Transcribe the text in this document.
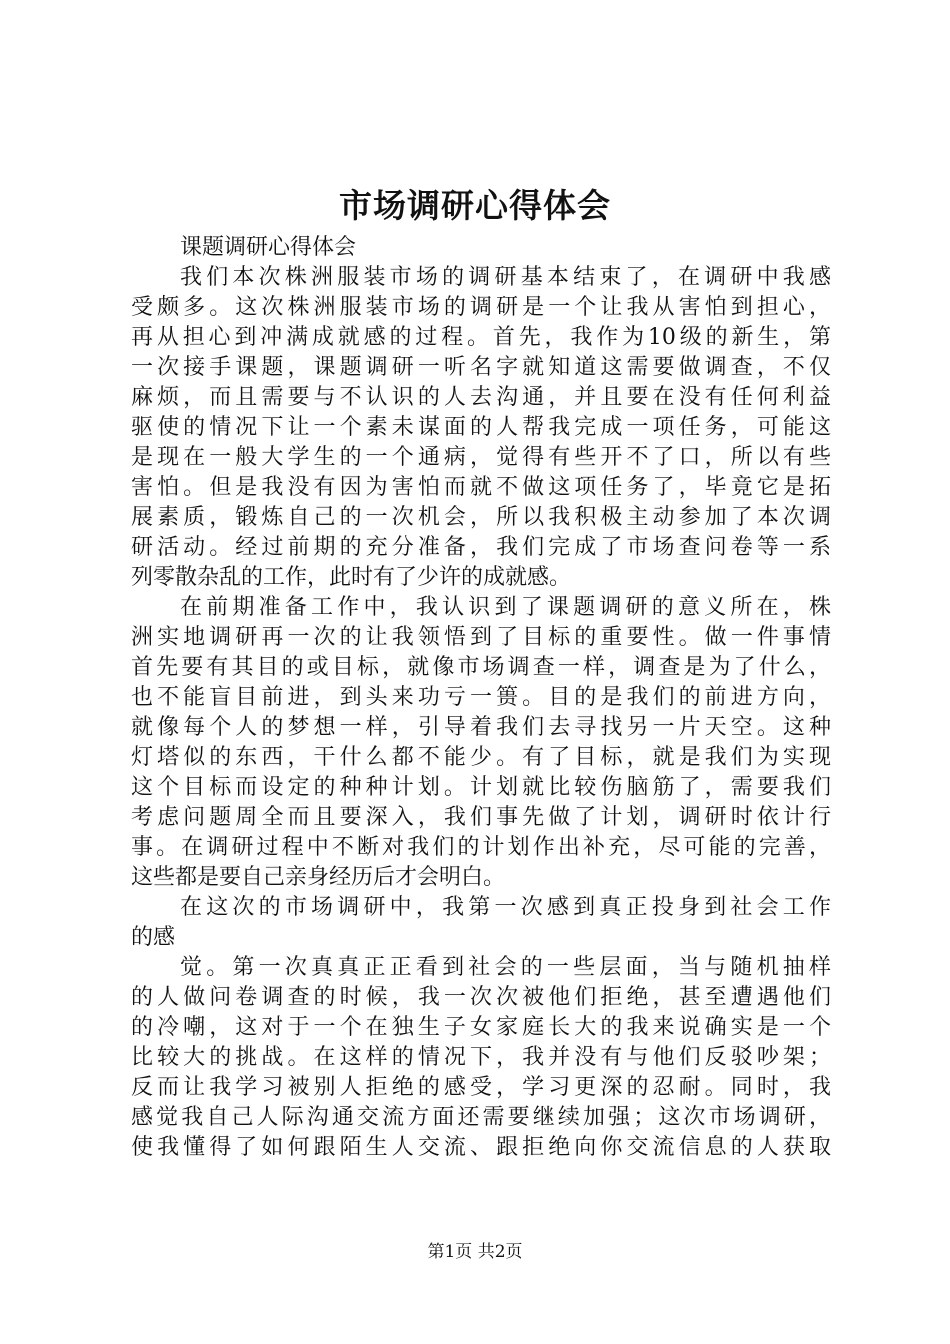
市场调研心得体会
课题调研心得体会
我们本次株洲服装市场的调研基本结束了，在调研中我感
受颇多。这次株洲服装市场的调研是一个让我从害怕到担心，
再从担心到冲满成就感的过程。首先，我作为10级的新生，第
一次接手课题，课题调研一听名字就知道这需要做调查，不仅
麻烦，而且需要与不认识的人去沟通，并且要在没有任何利益
驱使的情况下让一个素未谋面的人帮我完成一项任务，可能这
是现在一般大学生的一个通病，觉得有些开不了口，所以有些
害怕。但是我没有因为害怕而就不做这项任务了，毕竟它是拓
展素质，锻炼自己的一次机会，所以我积极主动参加了本次调
研活动。经过前期的充分准备，我们完成了市场查问卷等一系
列零散杂乱的工作，此时有了少许的成就感。
在前期准备工作中，我认识到了课题调研的意义所在，株
洲实地调研再一次的让我领悟到了目标的重要性。做一件事情
首先要有其目的或目标，就像市场调查一样，调查是为了什么，
也不能盲目前进，到头来功亏一篑。目的是我们的前进方向，
就像每个人的梦想一样，引导着我们去寻找另一片天空。这种
灯塔似的东西，干什么都不能少。有了目标，就是我们为实现
这个目标而设定的种种计划。计划就比较伤脑筋了，需要我们
考虑问题周全而且要深入，我们事先做了计划，调研时依计行
事。在调研过程中不断对我们的计划作出补充，尽可能的完善，
这些都是要自己亲身经历后才会明白。
在这次的市场调研中，我第一次感到真正投身到社会工作
的感
觉。第一次真真正正看到社会的一些层面，当与随机抽样
的人做问卷调查的时候，我一次次被他们拒绝，甚至遭遇他们
的冷嘲，这对于一个在独生子女家庭长大的我来说确实是一个
比较大的挑战。在这样的情况下，我并没有与他们反驳吵架；
反而让我学习被别人拒绝的感受，学习更深的忍耐。同时，我
感觉我自己人际沟通交流方面还需要继续加强；这次市场调研，
使我懂得了如何跟陌生人交流、跟拒绝向你交流信息的人获取
第1页 共2页
